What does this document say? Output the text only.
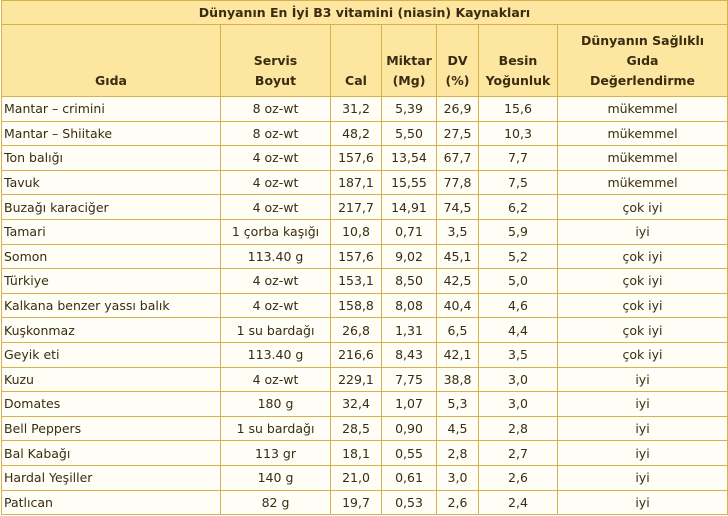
Dünyanın En İyi B3 vitamini (niasin) Kaynakları
Gıda	Servis Boyut	Cal	Miktar (Mg)	DV (%)	Besin Yoğunluk	Dünyanın Sağlıklı Gıda Değerlendirme
Mantar – crimini	8 oz-wt	31,2	5,39	26,9	15,6	mükemmel
Mantar – Shiitake	8 oz-wt	48,2	5,50	27,5	10,3	mükemmel
Ton balığı	4 oz-wt	157,6	13,54	67,7	7,7	mükemmel
Tavuk	4 oz-wt	187,1	15,55	77,8	7,5	mükemmel
Buzağı karaciğer	4 oz-wt	217,7	14,91	74,5	6,2	çok iyi
Tamari	1 çorba kaşığı	10,8	0,71	3,5	5,9	iyi
Somon	113.40 g	157,6	9,02	45,1	5,2	çok iyi
Türkiye	4 oz-wt	153,1	8,50	42,5	5,0	çok iyi
Kalkana benzer yassı balık	4 oz-wt	158,8	8,08	40,4	4,6	çok iyi
Kuşkonmaz	1 su bardağı	26,8	1,31	6,5	4,4	çok iyi
Geyik eti	113.40 g	216,6	8,43	42,1	3,5	çok iyi
Kuzu	4 oz-wt	229,1	7,75	38,8	3,0	iyi
Domates	180 g	32,4	1,07	5,3	3,0	iyi
Bell Peppers	1 su bardağı	28,5	0,90	4,5	2,8	iyi
Bal Kabağı	113 gr	18,1	0,55	2,8	2,7	iyi
Hardal Yeşiller	140 g	21,0	0,61	3,0	2,6	iyi
Patlıcan	82 g	19,7	0,53	2,6	2,4	iyi
